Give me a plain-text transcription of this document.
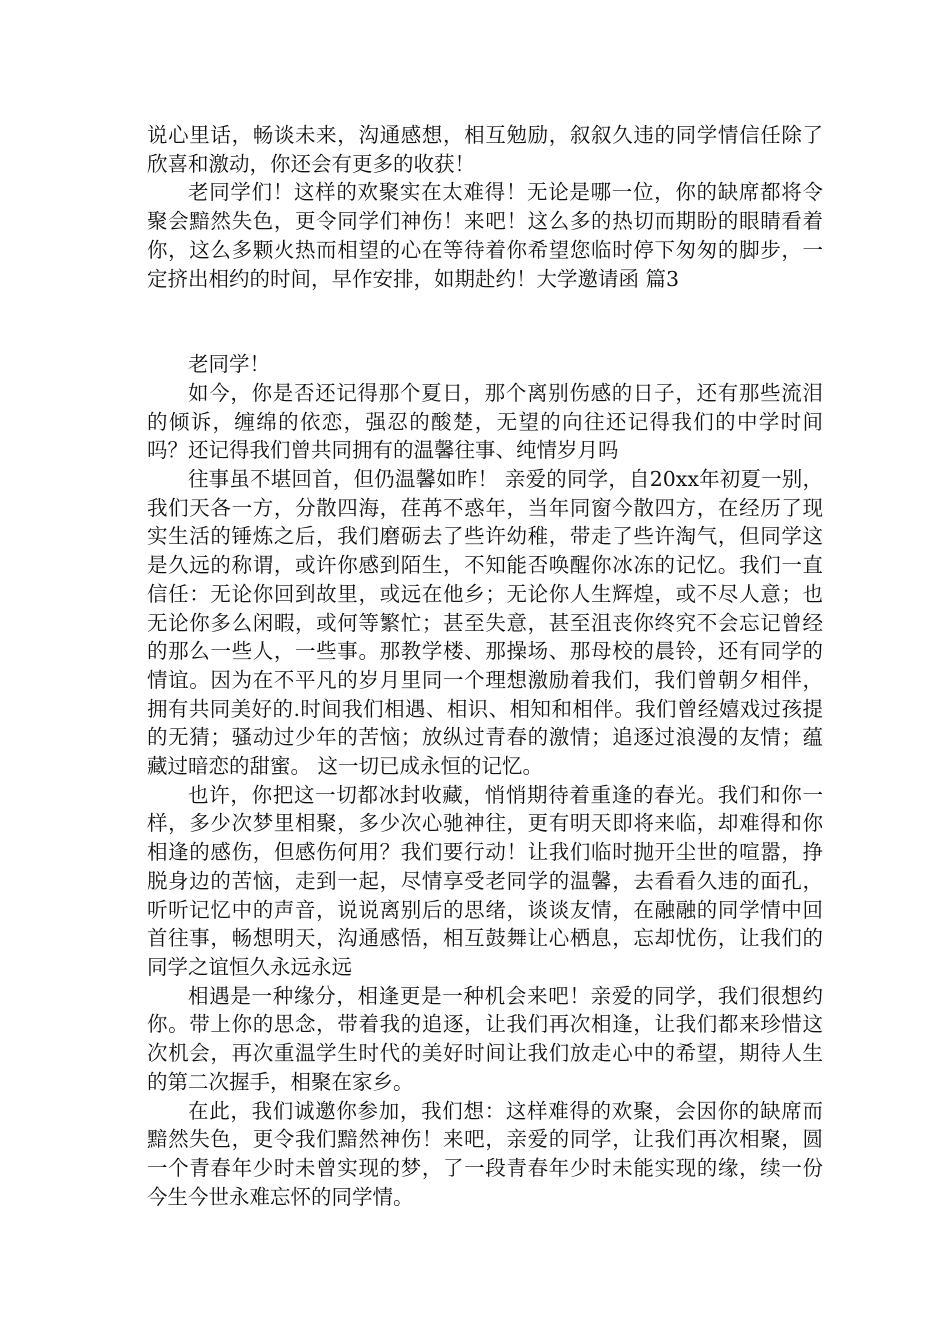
说心里话，畅谈未来，沟通感想，相互勉励，叙叙久违的同学情信任除了欣喜和激动，你还会有更多的收获！

老同学们！这样的欢聚实在太难得！无论是哪一位，你的缺席都将令聚会黯然失色，更令同学们神伤！来吧！这么多的热切而期盼的眼睛看着你，这么多颗火热而相望的心在等待着你希望您临时停下匆匆的脚步，一定挤出相约的时间，早作安排，如期赴约！大学邀请函 篇3

老同学！

如今，你是否还记得那个夏日，那个离别伤感的日子，还有那些流泪的倾诉，缠绵的依恋，强忍的酸楚，无望的向往还记得我们的中学时间吗？还记得我们曾共同拥有的温馨往事、纯情岁月吗

往事虽不堪回首，但仍温馨如昨！ 亲爱的同学，自20xx年初夏一别，我们天各一方，分散四海，荏苒不惑年，当年同窗今散四方，在经历了现实生活的锤炼之后，我们磨砺去了些许幼稚，带走了些许淘气，但同学这是久远的称谓，或许你感到陌生，不知能否唤醒你冰冻的记忆。我们一直信任：无论你回到故里，或远在他乡；无论你人生辉煌，或不尽人意；也无论你多么闲暇，或何等繁忙；甚至失意，甚至沮丧你终究不会忘记曾经的那么一些人，一些事。那教学楼、那操场、那母校的晨铃，还有同学的情谊。因为在不平凡的岁月里同一个理想激励着我们，我们曾朝夕相伴，拥有共同美好的.时间我们相遇、相识、相知和相伴。我们曾经嬉戏过孩提的无猜；骚动过少年的苦恼；放纵过青春的激情；追逐过浪漫的友情；蕴藏过暗恋的甜蜜。 这一切已成永恒的记忆。

也许，你把这一切都冰封收藏，悄悄期待着重逢的春光。我们和你一样，多少次梦里相聚，多少次心驰神往，更有明天即将来临，却难得和你相逢的感伤，但感伤何用？我们要行动！让我们临时抛开尘世的喧嚣，挣脱身边的苦恼，走到一起，尽情享受老同学的温馨，去看看久违的面孔，听听记忆中的声音，说说离别后的思绪，谈谈友情，在融融的同学情中回首往事，畅想明天，沟通感悟，相互鼓舞让心栖息，忘却忧伤，让我们的同学之谊恒久永远永远

相遇是一种缘分，相逢更是一种机会来吧！亲爱的同学，我们很想约你。带上你的思念，带着我的追逐，让我们再次相逢，让我们都来珍惜这次机会，再次重温学生时代的美好时间让我们放走心中的希望，期待人生的第二次握手，相聚在家乡。

在此，我们诚邀你参加，我们想：这样难得的欢聚，会因你的缺席而黯然失色，更令我们黯然神伤！来吧，亲爱的同学，让我们再次相聚，圆一个青春年少时未曾实现的梦，了一段青春年少时未能实现的缘，续一份今生今世永难忘怀的同学情。
